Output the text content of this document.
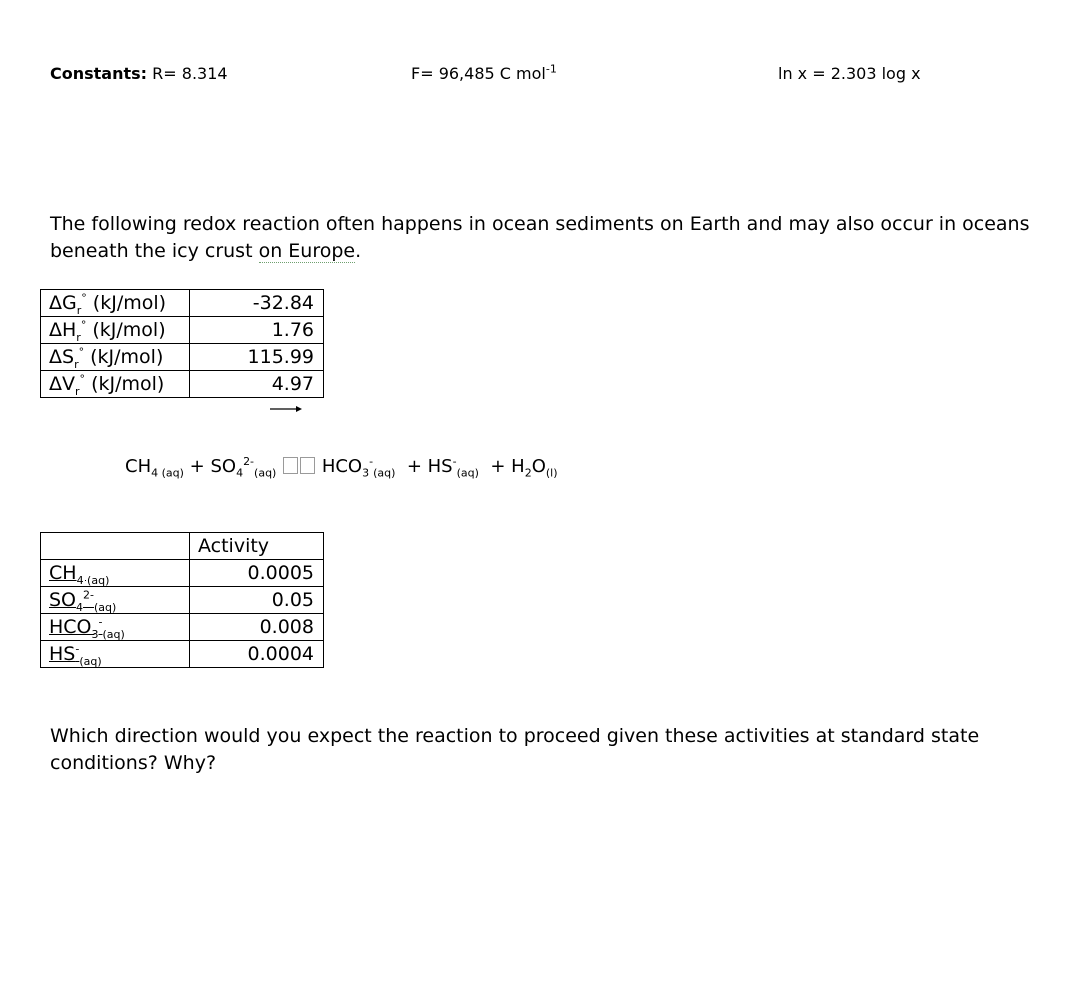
Constants: R= 8.314	F= 96,485 C mol$^{-1}$	ln x = 2.303 log x
The following redox reaction often happens in ocean sediments on Earth and may also occur in oceans beneath the icy crust on Europe.
$\Delta G_r^\circ$ (kJ/mol)	-32.84
$\Delta H_r^\circ$ (kJ/mol)	1.76
$\Delta S_r^\circ$ (kJ/mol)	115.99
$\Delta V_r^\circ$ (kJ/mol)	4.97
$CH_{4 (aq)} + SO_4^{2-}_{(aq)}$	$HCO_3^-_{(aq)} + HS^-_{(aq)} + H_2O_{(l)}$
	Activity
$CH_{4 (aq)}$	0.0005
$SO_4^{2-}_{(aq)}$	0.05
$HCO_3^-_{(aq)}$	0.008
$HS^-_{(aq)}$	0.0004
Which direction would you expect the reaction to proceed given these activities at standard state conditions? Why?
